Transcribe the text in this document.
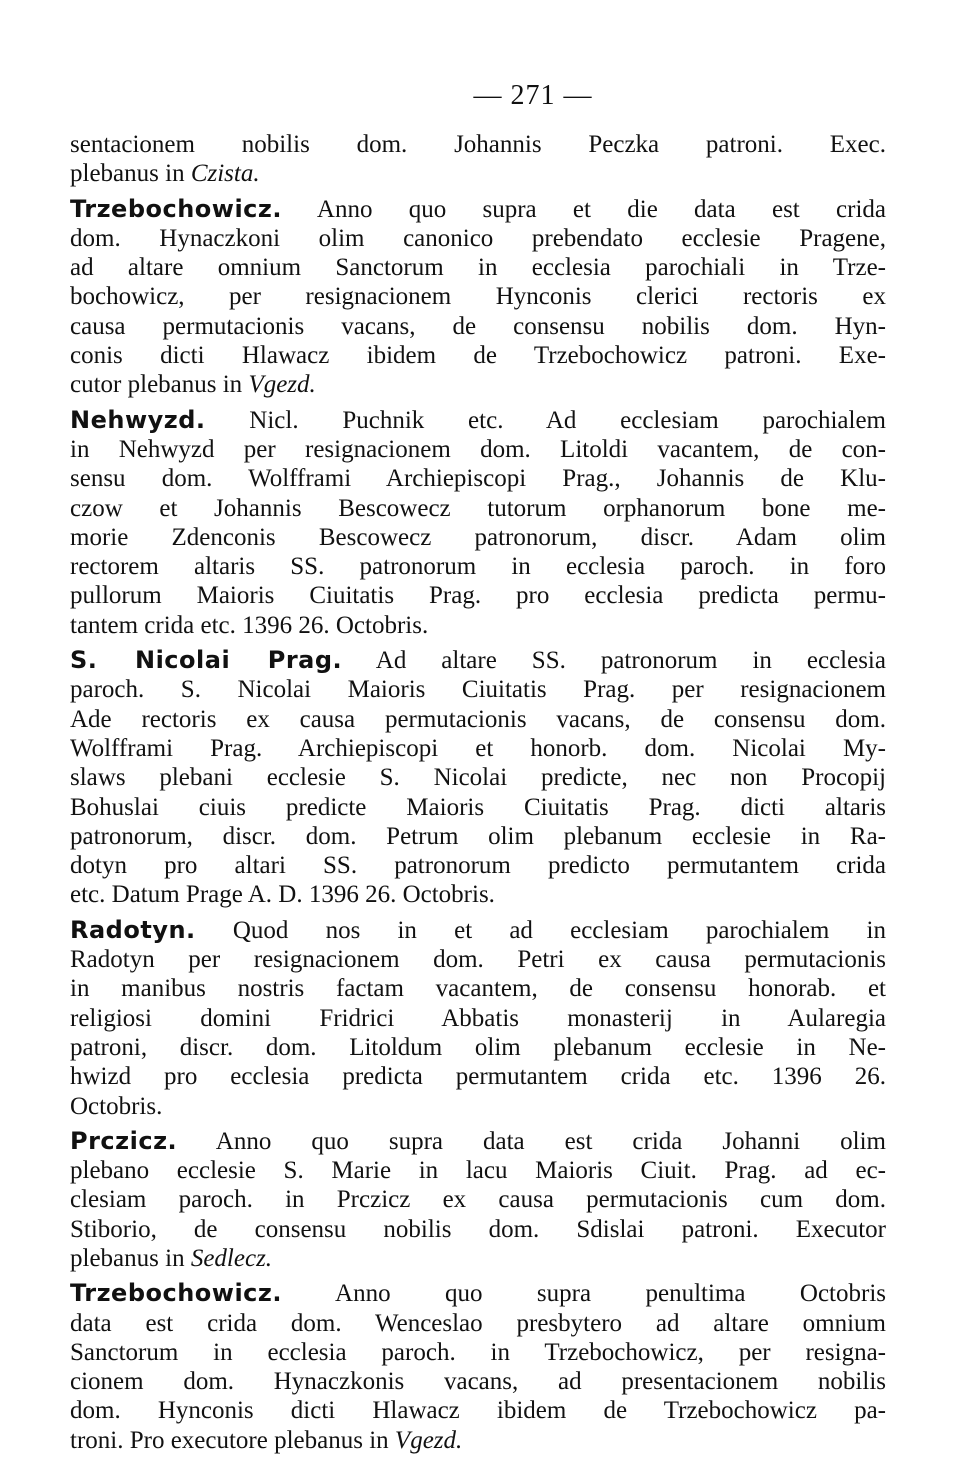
— 271 —
sentacionem nobilis dom. Johannis Peczka patroni. Exec.
plebanus in Czista.
Trzebochowicz. Anno quo supra et die data est crida
dom. Hynaczkoni olim canonico prebendato ecclesie Pragene,
ad altare omnium Sanctorum in ecclesia parochiali in Trze-
bochowicz, per resignacionem Hynconis clerici rectoris ex
causa permutacionis vacans, de consensu nobilis dom. Hyn-
conis dicti Hlawacz ibidem de Trzebochowicz patroni. Exe-
cutor plebanus in Vgezd.
Nehwyzd. Nicl. Puchnik etc. Ad ecclesiam parochialem
in Nehwyzd per resignacionem dom. Litoldi vacantem, de con-
sensu dom. Wolfframi Archiepiscopi Prag., Johannis de Klu-
czow et Johannis Bescowecz tutorum orphanorum bone me-
morie Zdenconis Bescowecz patronorum, discr. Adam olim
rectorem altaris SS. patronorum in ecclesia paroch. in foro
pullorum Maioris Ciuitatis Prag. pro ecclesia predicta permu-
tantem crida etc. 1396 26. Octobris.
S. Nicolai Prag. Ad altare SS. patronorum in ecclesia
paroch. S. Nicolai Maioris Ciuitatis Prag. per resignacionem
Ade rectoris ex causa permutacionis vacans, de consensu dom.
Wolfframi Prag. Archiepiscopi et honorb. dom. Nicolai My-
slaws plebani ecclesie S. Nicolai predicte, nec non Procopij
Bohuslai ciuis predicte Maioris Ciuitatis Prag. dicti altaris
patronorum, discr. dom. Petrum olim plebanum ecclesie in Ra-
dotyn pro altari SS. patronorum predicto permutantem crida
etc. Datum Prage A. D. 1396 26. Octobris.
Radotyn. Quod nos in et ad ecclesiam parochialem in
Radotyn per resignacionem dom. Petri ex causa permutacionis
in manibus nostris factam vacantem, de consensu honorab. et
religiosi domini Fridrici Abbatis monasterij in Aularegia
patroni, discr. dom. Litoldum olim plebanum ecclesie in Ne-
hwizd pro ecclesia predicta permutantem crida etc. 1396 26.
Octobris.
Prczicz. Anno quo supra data est crida Johanni olim
plebano ecclesie S. Marie in lacu Maioris Ciuit. Prag. ad ec-
clesiam paroch. in Prczicz ex causa permutacionis cum dom.
Stiborio, de consensu nobilis dom. Sdislai patroni. Executor
plebanus in Sedlecz.
Trzebochowicz. Anno quo supra penultima Octobris
data est crida dom. Wenceslao presbytero ad altare omnium
Sanctorum in ecclesia paroch. in Trzebochowicz, per resigna-
cionem dom. Hynaczkonis vacans, ad presentacionem nobilis
dom. Hynconis dicti Hlawacz ibidem de Trzebochowicz pa-
troni. Pro executore plebanus in Vgezd.
